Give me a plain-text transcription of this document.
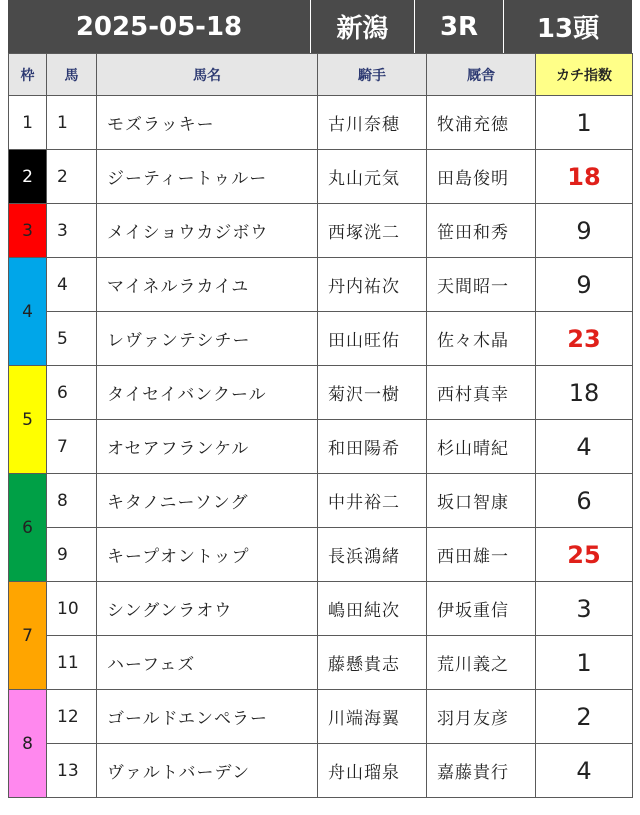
2025-05-18	新潟	3R	13頭
枠	馬	馬名	騎手	厩舎	カチ指数
1	1	モズラッキー	古川奈穂	牧浦充徳	1
2	2	ジーティートゥルー	丸山元気	田島俊明	18
3	3	メイショウカジボウ	西塚洸二	笹田和秀	9
4	4	マイネルラカイユ	丹内祐次	天間昭一	9
	5	レヴァンテシチー	田山旺佑	佐々木晶	23
5	6	タイセイバンクール	菊沢一樹	西村真幸	18
	7	オセアフランケル	和田陽希	杉山晴紀	4
6	8	キタノニーソング	中井裕二	坂口智康	6
	9	キープオントップ	長浜鴻緒	西田雄一	25
7	10	シングンラオウ	嶋田純次	伊坂重信	3
	11	ハーフェズ	藤懸貴志	荒川義之	1
8	12	ゴールドエンペラー	川端海翼	羽月友彦	2
	13	ヴァルトバーデン	舟山瑠泉	嘉藤貴行	4
